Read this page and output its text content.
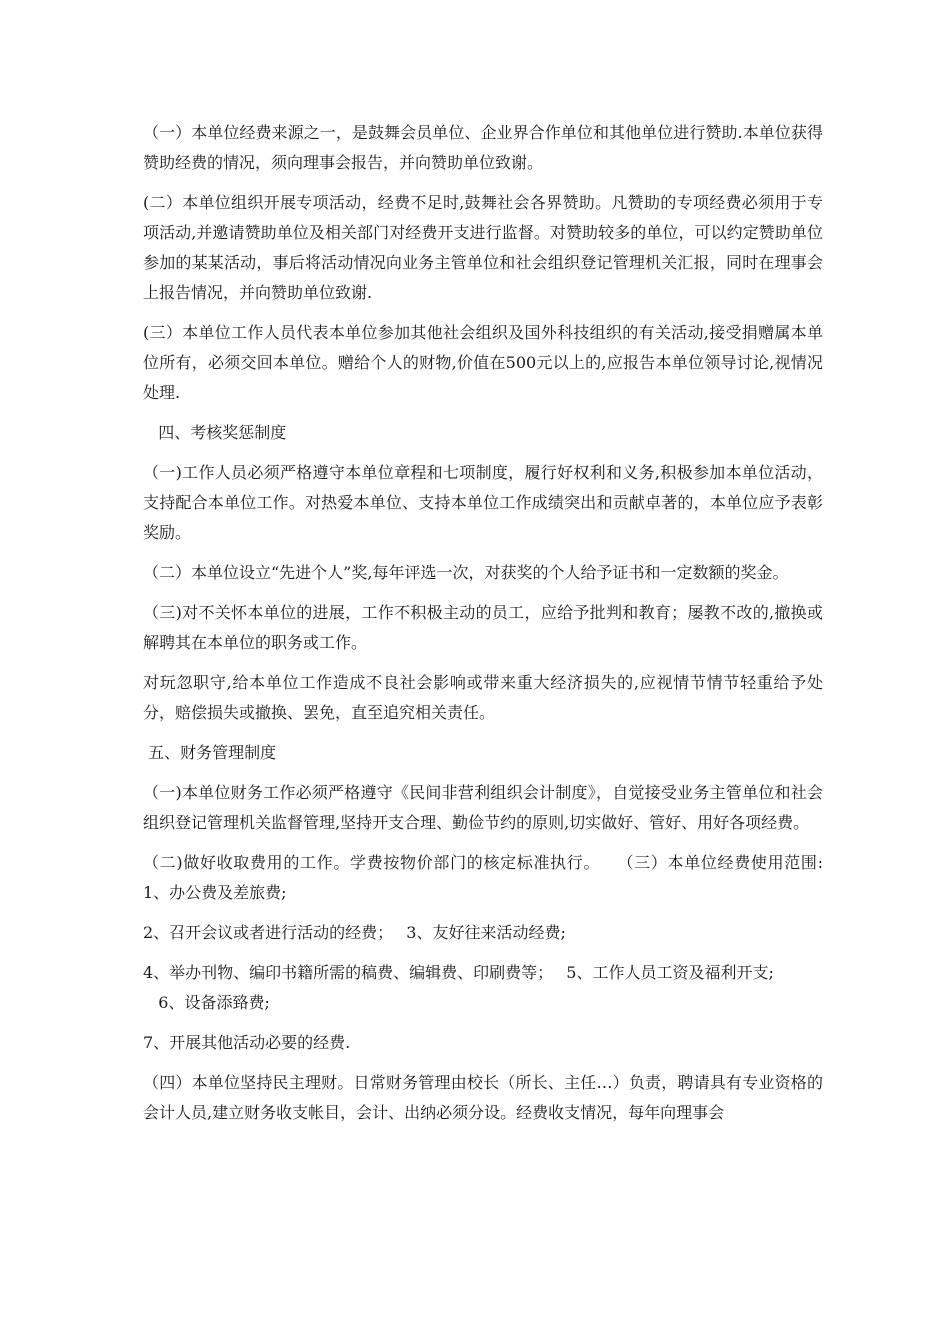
（一）本单位经费来源之一，是鼓舞会员单位、企业界合作单位和其他单位进行赞助.本单位获得赞助经费的情况，须向理事会报告，并向赞助单位致谢。

(二）本单位组织开展专项活动，经费不足时,鼓舞社会各界赞助。凡赞助的专项经费必须用于专项活动,并邀请赞助单位及相关部门对经费开支进行监督。对赞助较多的单位，可以约定赞助单位参加的某某活动，事后将活动情况向业务主管单位和社会组织登记管理机关汇报，同时在理事会上报告情况，并向赞助单位致谢.

(三）本单位工作人员代表本单位参加其他社会组织及国外科技组织的有关活动,接受捐赠属本单位所有，必须交回本单位。赠给个人的财物,价值在500元以上的,应报告本单位领导讨论,视情况处理.

四、考核奖惩制度

（一)工作人员必须严格遵守本单位章程和七项制度，履行好权利和义务,积极参加本单位活动，支持配合本单位工作。对热爱本单位、支持本单位工作成绩突出和贡献卓著的，本单位应予表彰奖励。

（二）本单位设立“先进个人”奖,每年评选一次，对获奖的个人给予证书和一定数额的奖金。

（三)对不关怀本单位的进展，工作不积极主动的员工，应给予批判和教育；屡教不改的,撤换或解聘其在本单位的职务或工作。

对玩忽职守,给本单位工作造成不良社会影响或带来重大经济损失的,应视情节情节轻重给予处分，赔偿损失或撤换、罢免，直至追究相关责任。

五、财务管理制度

（一)本单位财务工作必须严格遵守《民间非营利组织会计制度》，自觉接受业务主管单位和社会组织登记管理机关监督管理,坚持开支合理、勤俭节约的原则,切实做好、管好、用好各项经费。

（二)做好收取费用的工作。学费按物价部门的核定标准执行。　　（三）本单位经费使用范围:　　　　1、办公费及差旅费;

2、召开会议或者进行活动的经费；　 3、友好往来活动经费;

4、举办刊物、编印书籍所需的稿费、编辑费、印刷费等；　 5、工作人员工资及福利开支;
6、设备添臵费;

7、开展其他活动必要的经费.

（四）本单位坚持民主理财。日常财务管理由校长（所长、主任…）负责，聘请具有专业资格的会计人员,建立财务收支帐目，会计、出纳必须分设。经费收支情况，每年向理事会
